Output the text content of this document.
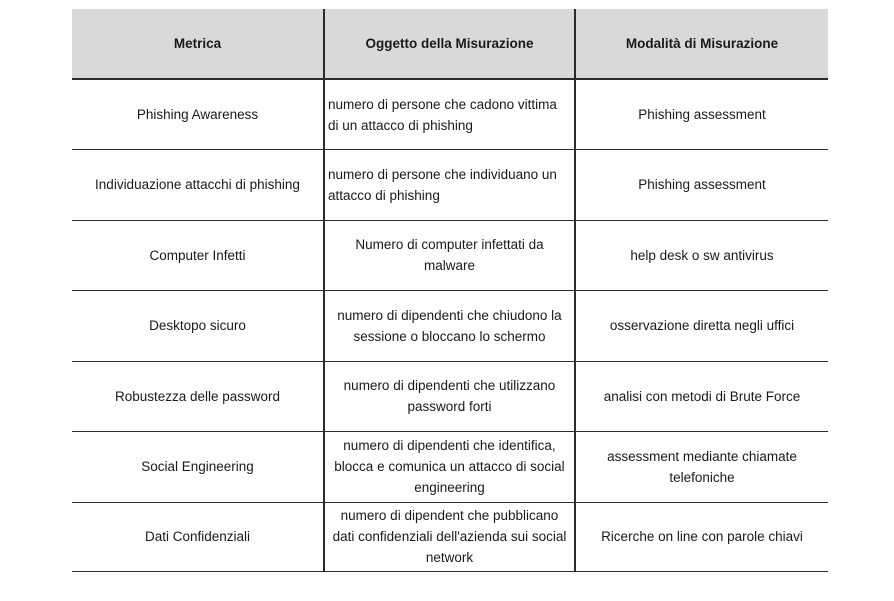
Metrica	Oggetto della Misurazione	Modalità di Misurazione
Phishing Awareness	numero di persone che cadono vittima di un attacco di phishing	Phishing assessment
Individuazione attacchi di phishing	numero di persone che individuano un attacco di phishing	Phishing assessment
Computer Infetti	Numero di computer infettati da malware	help desk o sw antivirus
Desktopo sicuro	numero di dipendenti che chiudono la sessione o bloccano lo schermo	osservazione diretta negli uffici
Robustezza delle password	numero di dipendenti che utilizzano password forti	analisi con metodi di Brute Force
Social Engineering	numero di dipendenti che identifica, blocca e comunica un attacco di social engineering	assessment mediante chiamate telefoniche
Dati Confidenziali	numero di dipendent che pubblicano dati confidenziali dell'azienda sui social network	Ricerche on line con parole chiavi
